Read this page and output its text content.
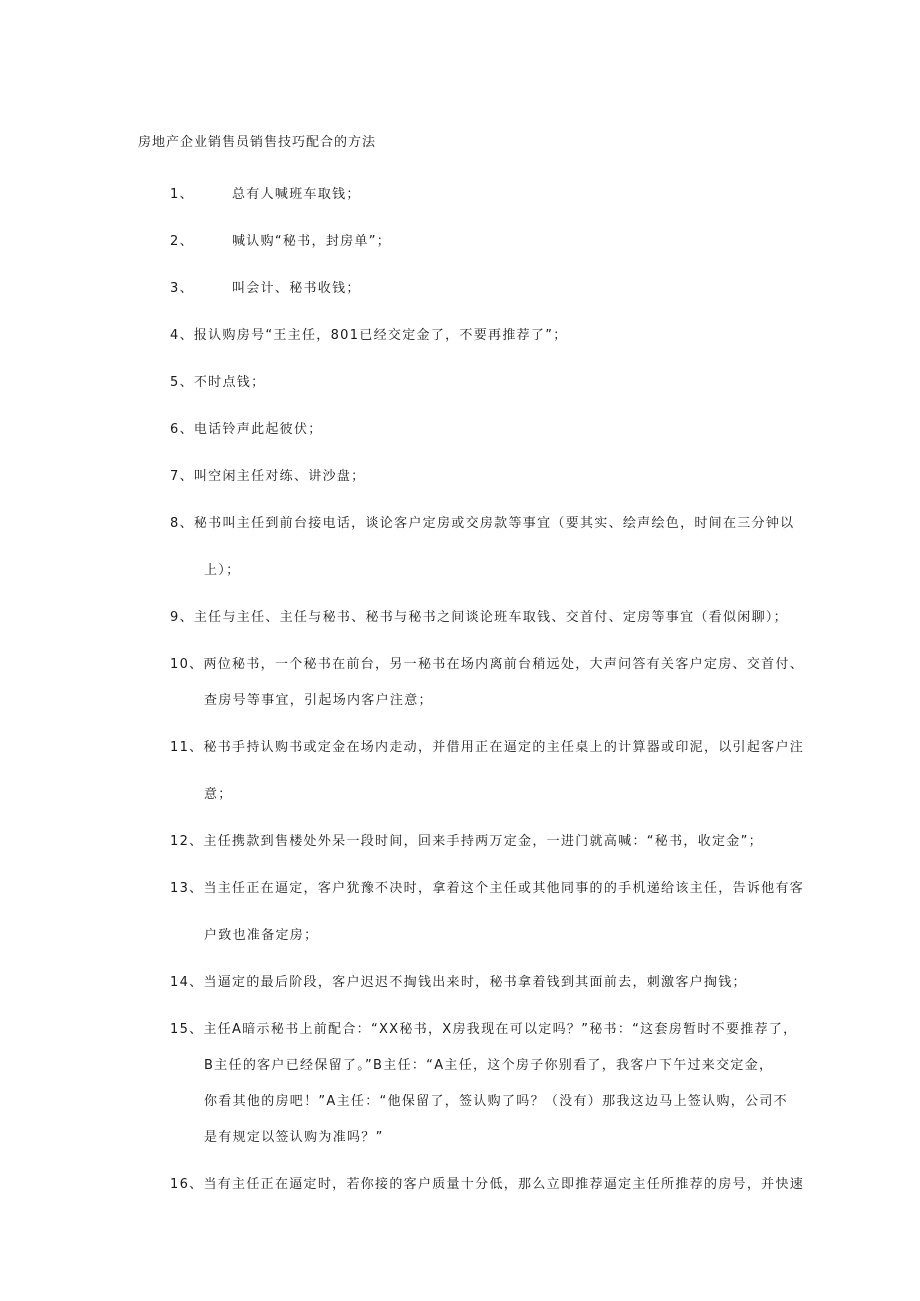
房地产企业销售员销售技巧配合的方法
1、	总有人喊班车取钱；
2、	喊认购“秘书，封房单”；
3、	叫会计、秘书收钱；
4、报认购房号“王主任，801已经交定金了，不要再推荐了”；
5、不时点钱；
6、电话铃声此起彼伏；
7、叫空闲主任对练、讲沙盘；
8、秘书叫主任到前台接电话，谈论客户定房或交房款等事宜（要其实、绘声绘色，时间在三分钟以
上）；
9、主任与主任、主任与秘书、秘书与秘书之间谈论班车取钱、交首付、定房等事宜（看似闲聊）；
10、两位秘书，一个秘书在前台，另一秘书在场内离前台稍远处，大声问答有关客户定房、交首付、
查房号等事宜，引起场内客户注意；
11、秘书手持认购书或定金在场内走动，并借用正在逼定的主任桌上的计算器或印泥，以引起客户注
意；
12、主任携款到售楼处外呆一段时间，回来手持两万定金，一进门就高喊：“秘书，收定金”；
13、当主任正在逼定，客户犹豫不决时，拿着这个主任或其他同事的的手机递给该主任，告诉他有客
户致也准备定房；
14、当逼定的最后阶段，客户迟迟不掏钱出来时，秘书拿着钱到其面前去，刺激客户掏钱；
15、主任A暗示秘书上前配合：“XX秘书，X房我现在可以定吗？”秘书：“这套房暂时不要推荐了，
B主任的客户已经保留了。”B主任：“A主任，这个房子你别看了，我客户下午过来交定金，
你看其他的房吧！”A主任：“他保留了，签认购了吗？（没有）那我这边马上签认购，公司不
是有规定以签认购为准吗？”
16、当有主任正在逼定时，若你接的客户质量十分低，那么立即推荐逼定主任所推荐的房号，并快速
